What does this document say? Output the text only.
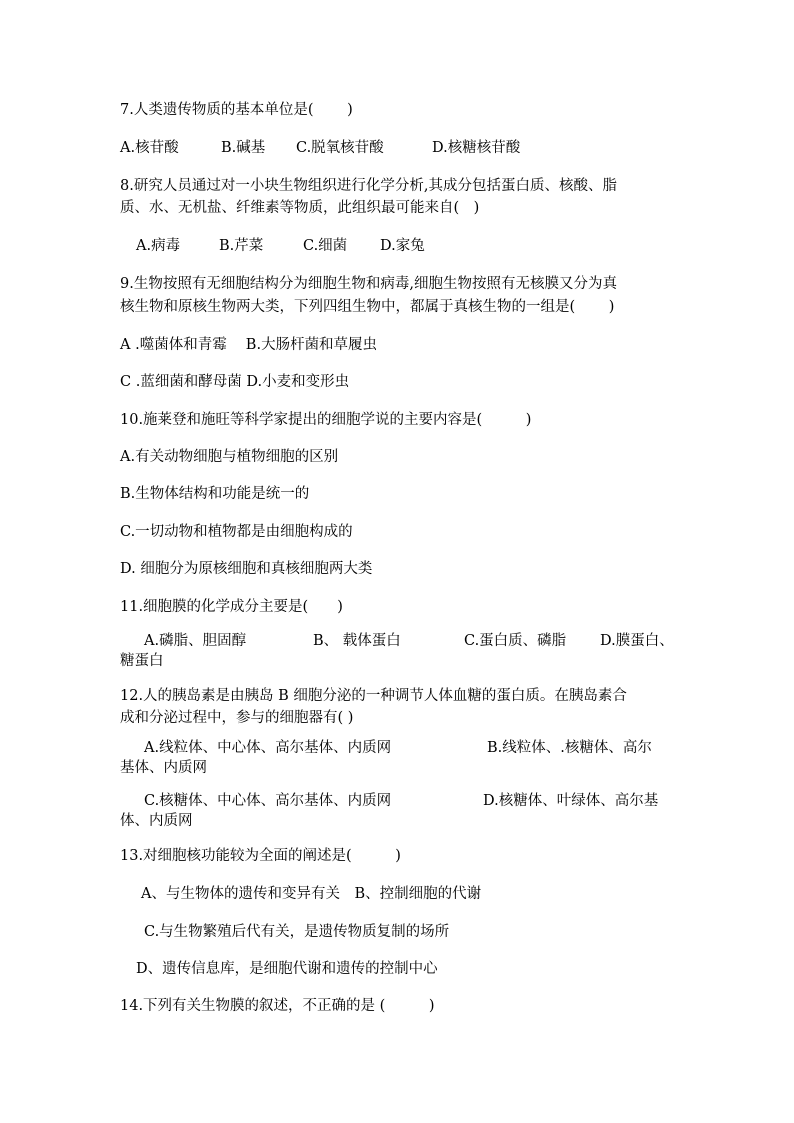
7.人类遗传物质的基本单位是(　　 )
A.核苷酸	B.碱基 C.脱氧核苷酸	D.核糖核苷酸
8.研究人员通过对一小块生物组织进行化学分析,其成分包括蛋白质、核酸、脂
质、水、无机盐、纤维素等物质，此组织最可能来自(　)
A.病毒	B.芹菜	C.细菌 D.家兔
9.生物按照有无细胞结构分为细胞生物和病毒,细胞生物按照有无核膜又分为真
核生物和原核生物两大类，下列四组生物中，都属于真核生物的一组是(　　 )
A .噬菌体和青霉　 B.大肠杆菌和草履虫
C .蓝细菌和酵母菌 D.小麦和变形虫
10.施莱登和施旺等科学家提出的细胞学说的主要内容是(　　　)
A.有关动物细胞与植物细胞的区别
B.生物体结构和功能是统一的
C.一切动物和植物都是由细胞构成的
D. 细胞分为原核细胞和真核细胞两大类
11.细胞膜的化学成分主要是(　　)
A.磷脂、胆固醇	B、 载体蛋白	C.蛋白质、磷脂 D.膜蛋白、
糖蛋白
12.人的胰岛素是由胰岛 B 细胞分泌的一种调节人体血糖的蛋白质。在胰岛素合
成和分泌过程中，参与的细胞器有( )
A.线粒体、中心体、高尔基体、内质网	B.线粒体、.核糖体、高尔
基体、内质网
C.核糖体、中心体、高尔基体、内质网	D.核糖体、叶绿体、高尔基
体、内质网
13.对细胞核功能较为全面的阐述是(　　　)
A、与生物体的遗传和变异有关　B、控制细胞的代谢
C.与生物繁殖后代有关，是遗传物质复制的场所
D、遗传信息库，是细胞代谢和遗传的控制中心
14.下列有关生物膜的叙述，不正确的是 (　　　)
